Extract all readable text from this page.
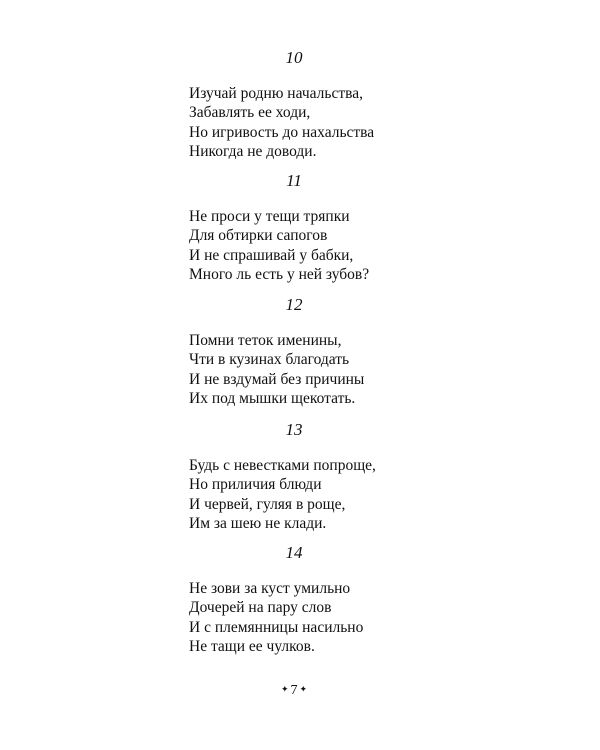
10
Изучай родню начальства,
Забавлять ее ходи,
Но игривость до нахальства
Никогда не доводи.
11
Не проси у тещи тряпки
Для обтирки сапогов
И не спрашивай у бабки,
Много ль есть у ней зубов?
12
Помни теток именины,
Чти в кузинах благодать
И не вздумай без причины
Их под мышки щекотать.
13
Будь с невестками попроще,
Но приличия блюди
И червей, гуляя в роще,
Им за шею не клади.
14
Не зови за куст умильно
Дочерей на пару слов
И с племянницы насильно
Не тащи ее чулков.
✦ 7 ✦
